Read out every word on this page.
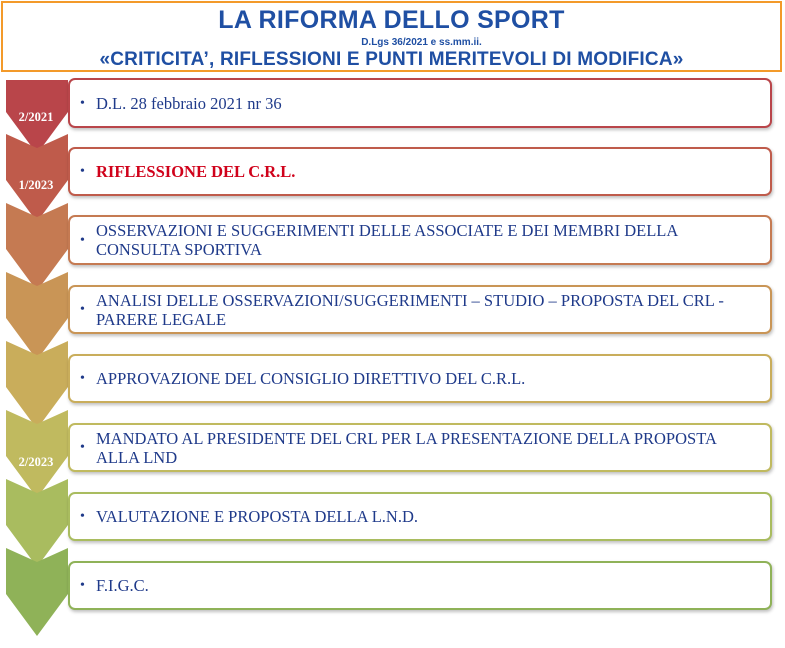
LA RIFORMA DELLO SPORT
D.Lgs 36/2021 e ss.mm.ii.
«CRITICITA’, RIFLESSIONI E PUNTI MERITEVOLI DI MODIFICA»
2/2021
1/2023
2/2023
• D.L. 28 febbraio 2021 nr 36
• RIFLESSIONE DEL C.R.L.
• OSSERVAZIONI E SUGGERIMENTI DELLE ASSOCIATE E DEI MEMBRI DELLA CONSULTA SPORTIVA
• ANALISI DELLE OSSERVAZIONI/SUGGERIMENTI – STUDIO – PROPOSTA DEL CRL - PARERE LEGALE
• APPROVAZIONE DEL CONSIGLIO DIRETTIVO DEL C.R.L.
• MANDATO AL PRESIDENTE DEL CRL PER LA PRESENTAZIONE DELLA PROPOSTA ALLA LND
• VALUTAZIONE E PROPOSTA DELLA L.N.D.
• F.I.G.C.
